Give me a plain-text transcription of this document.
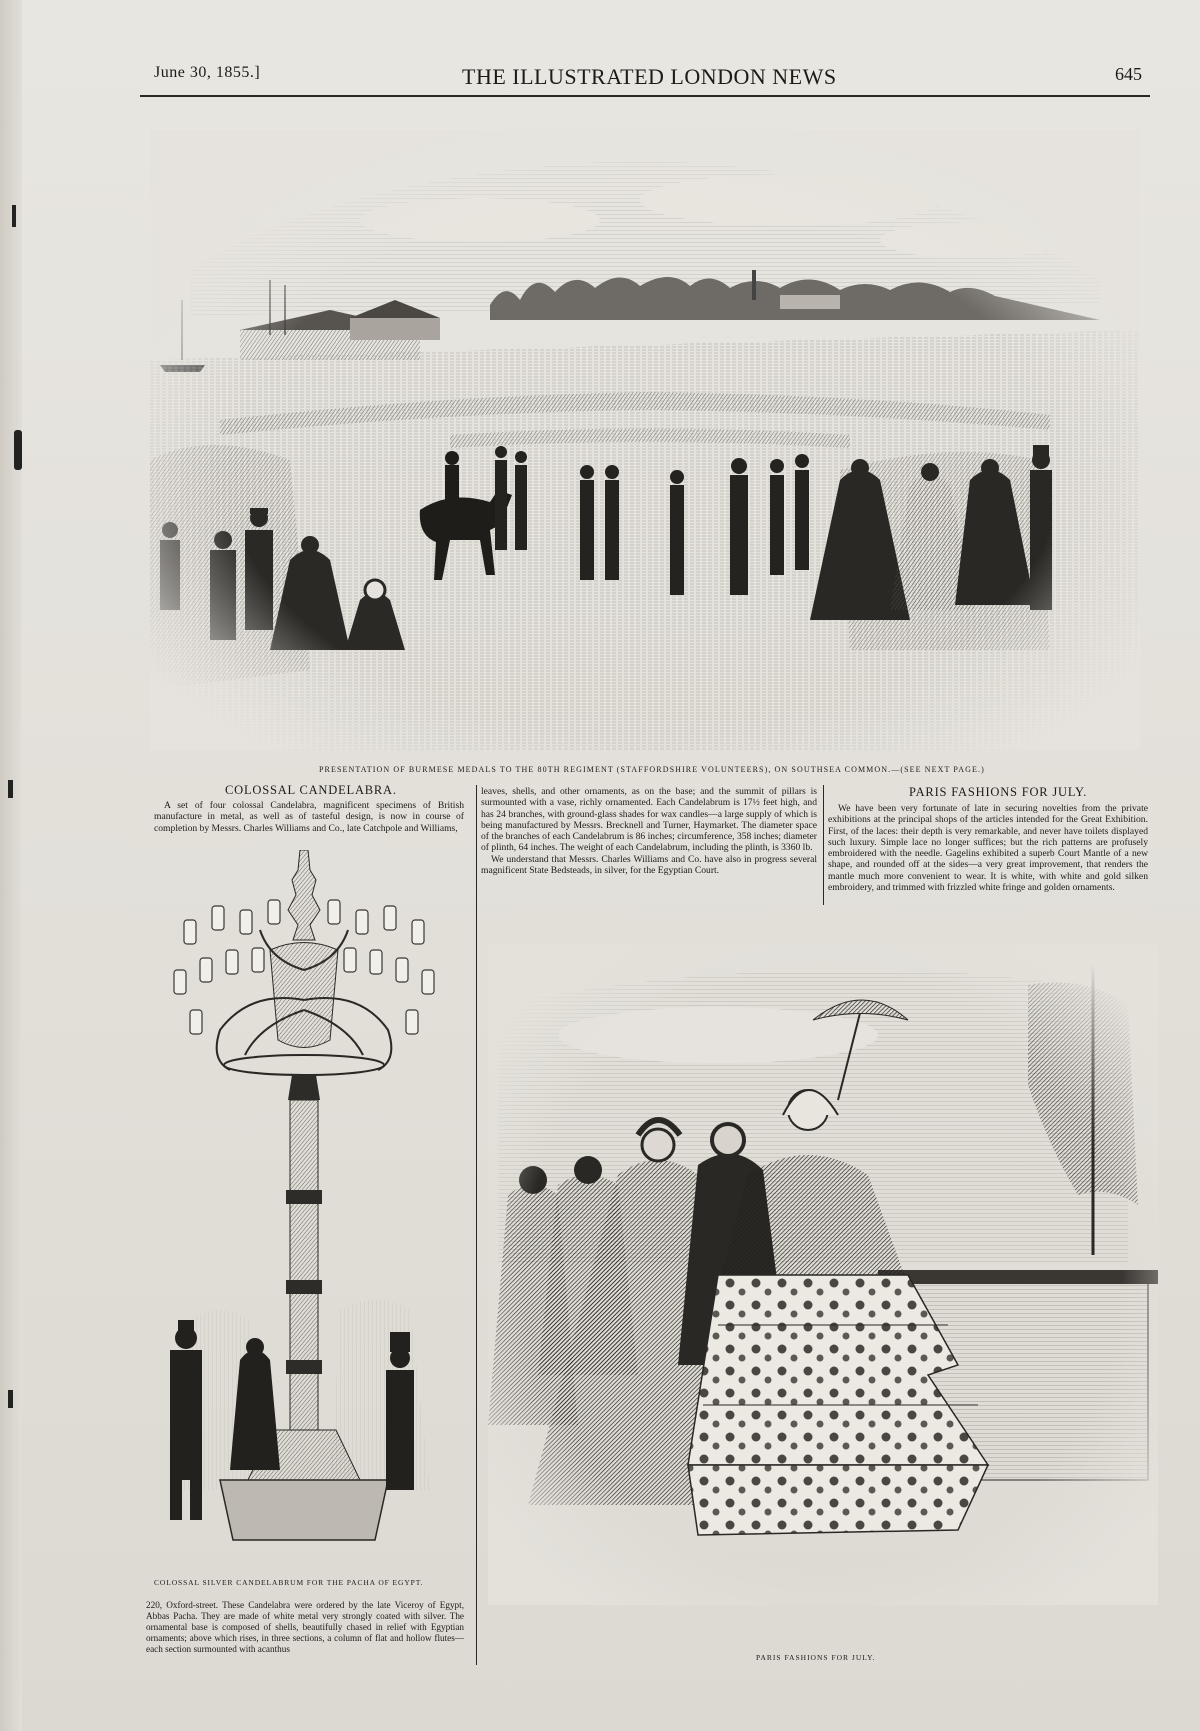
June 30, 1855.]	THE ILLUSTRATED LONDON NEWS	645
PRESENTATION OF BURMESE MEDALS TO THE 80TH REGIMENT (STAFFORDSHIRE VOLUNTEERS), ON SOUTHSEA COMMON.—(SEE NEXT PAGE.)
COLOSSAL CANDELABRA.

A set of four colossal Candelabra, magnificent specimens of British manufacture in metal, as well as of tasteful design, is now in course of completion by Messrs. Charles Williams and Co., late Catchpole and Williams,

leaves, shells, and other ornaments, as on the base; and the summit of pillars is surmounted with a vase, richly ornamented. Each Candelabrum is 17½ feet high, and has 24 branches, with ground-glass shades for wax candles—a large supply of which is being manufactured by Messrs. Brecknell and Turner, Haymarket. The diameter space of the branches of each Candelabrum is 86 inches; circumference, 358 inches; diameter of plinth, 64 inches. The weight of each Candelabrum, including the plinth, is 3360 lb.

We understand that Messrs. Charles Williams and Co. have also in progress several magnificent State Bedsteads, in silver, for the Egyptian Court.

COLOSSAL SILVER CANDELABRUM FOR THE PACHA OF EGYPT.

220, Oxford-street. These Candelabra were ordered by the late Viceroy of Egypt, Abbas Pacha. They are made of white metal very strongly coated with silver. The ornamental base is composed of shells, beautifully chased in relief with Egyptian ornaments; above which rises, in three sections, a column of flat and hollow flutes—each section surmounted with acanthus

PARIS FASHIONS FOR JULY.

We have been very fortunate of late in securing novelties from the private exhibitions at the principal shops of the articles intended for the Great Exhibition. First, of the laces: their depth is very remarkable, and never have toilets displayed such luxury. Simple lace no longer suffices; but the rich patterns are profusely embroidered with the needle. Gagelins exhibited a superb Court Mantle of a new shape, and rounded off at the sides—a very great improvement, that renders the mantle much more convenient to wear. It is white, with white and gold silken embroidery, and trimmed with frizzled white fringe and golden ornaments.

PARIS FASHIONS FOR JULY.
